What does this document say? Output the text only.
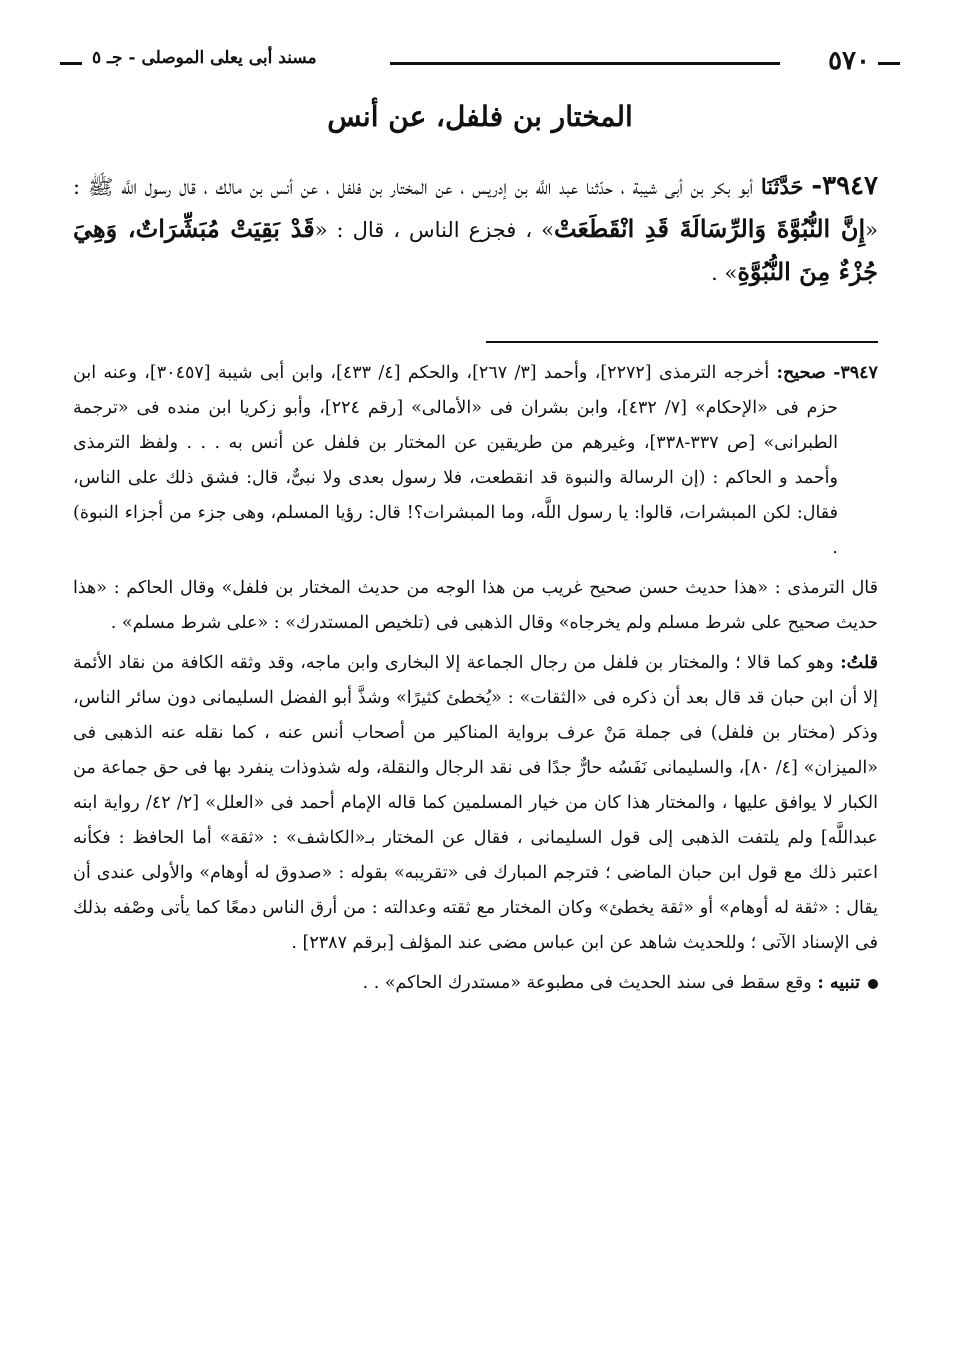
٥٧٠
مسند أبى يعلى الموصلى - جـ ٥
المختار بن فلفل، عن أنس
٣٩٤٧- حَدَّثَنَا أبو بكر بن أبى شيبة ، حدّثنا عبد اللَّه بن إدريس ، عن المختار بن فلفل ، عن أنس بن مالك ، قال رسول اللَّه ﷺ : «إِنَّ النُّبُوَّةَ وَالرِّسَالَةَ قَدِ انْقَطَعَتْ» ، فجزع الناس ، قال : «قَدْ بَقِيَتْ مُبَشِّرَاتٌ، وَهِيَ جُزْءٌ مِنَ النُّبُوَّةِ» .

٣٩٤٧- صحيح: أخرجه الترمذى [٢٢٧٢]، وأحمد [٣/ ٢٦٧]، والحكم [٤/ ٤٣٣]، وابن أبى شيبة [٣٠٤٥٧]، وعنه ابن حزم فى «الإحكام» [٧/ ٤٣٢]، وابن بشران فى «الأمالى» [رقم ٢٢٤]، وأبو زكريا ابن منده فى «ترجمة الطبرانى» [ص ٣٣٧-٣٣٨]، وغيرهم من طريقين عن المختار بن فلفل عن أنس به . . . ولفظ الترمذى وأحمد و الحاكم : (إن الرسالة والنبوة قد انقطعت، فلا رسول بعدى ولا نبىٌّ، قال: فشق ذلك على الناس، فقال: لكن المبشرات، قالوا: يا رسول اللَّه، وما المبشرات؟! قال: رؤيا المسلم، وهى جزء من أجزاء النبوة) .

قال الترمذى : «هذا حديث حسن صحيح غريب من هذا الوجه من حديث المختار بن فلفل» وقال الحاكم : «هذا حديث صحيح على شرط مسلم ولم يخرجاه» وقال الذهبى فى (تلخيص المستدرك» : «على شرط مسلم» .

قلتُ: وهو كما قالا ؛ والمختار بن فلفل من رجال الجماعة إلا البخارى وابن ماجه، وقد وثقه الكافة من نقاد الأئمة إلا أن ابن حبان قد قال بعد أن ذكره فى «الثقات» : «يُخطئ كثيرًا» وشذَّ أبو الفضل السليمانى دون سائر الناس، وذكر (مختار بن فلفل) فى جملة مَنْ عرف برواية المناكير من أصحاب أنس عنه ، كما نقله عنه الذهبى فى «الميزان» [٤/ ٨٠]، والسليمانى نَفَسُه حارٌّ جدًا فى نقد الرجال والنقلة، وله شذوذات ينفرد بها فى حق جماعة من الكبار لا يوافق عليها ، والمختار هذا كان من خيار المسلمين كما قاله الإمام أحمد فى «العلل» [٢/ ٤٢/ رواية ابنه عبداللَّه] ولم يلتفت الذهبى إلى قول السليمانى ، فقال عن المختار بـ«الكاشف» : «ثقة» أما الحافظ : فكأنه اعتبر ذلك مع قول ابن حبان الماضى ؛ فترجم المبارك فى «تقريبه» بقوله : «صدوق له أوهام» والأولى عندى أن يقال : «ثقة له أوهام» أو «ثقة يخطئ» وكان المختار مع ثقته وعدالته : من أرق الناس دمعًا كما يأتى وصْفه بذلك فى الإسناد الآتى ؛ وللحديث شاهد عن ابن عباس مضى عند المؤلف [برقم ٢٣٨٧] .

تنبيه : وقع سقط فى سند الحديث فى مطبوعة «مستدرك الحاكم» . .
